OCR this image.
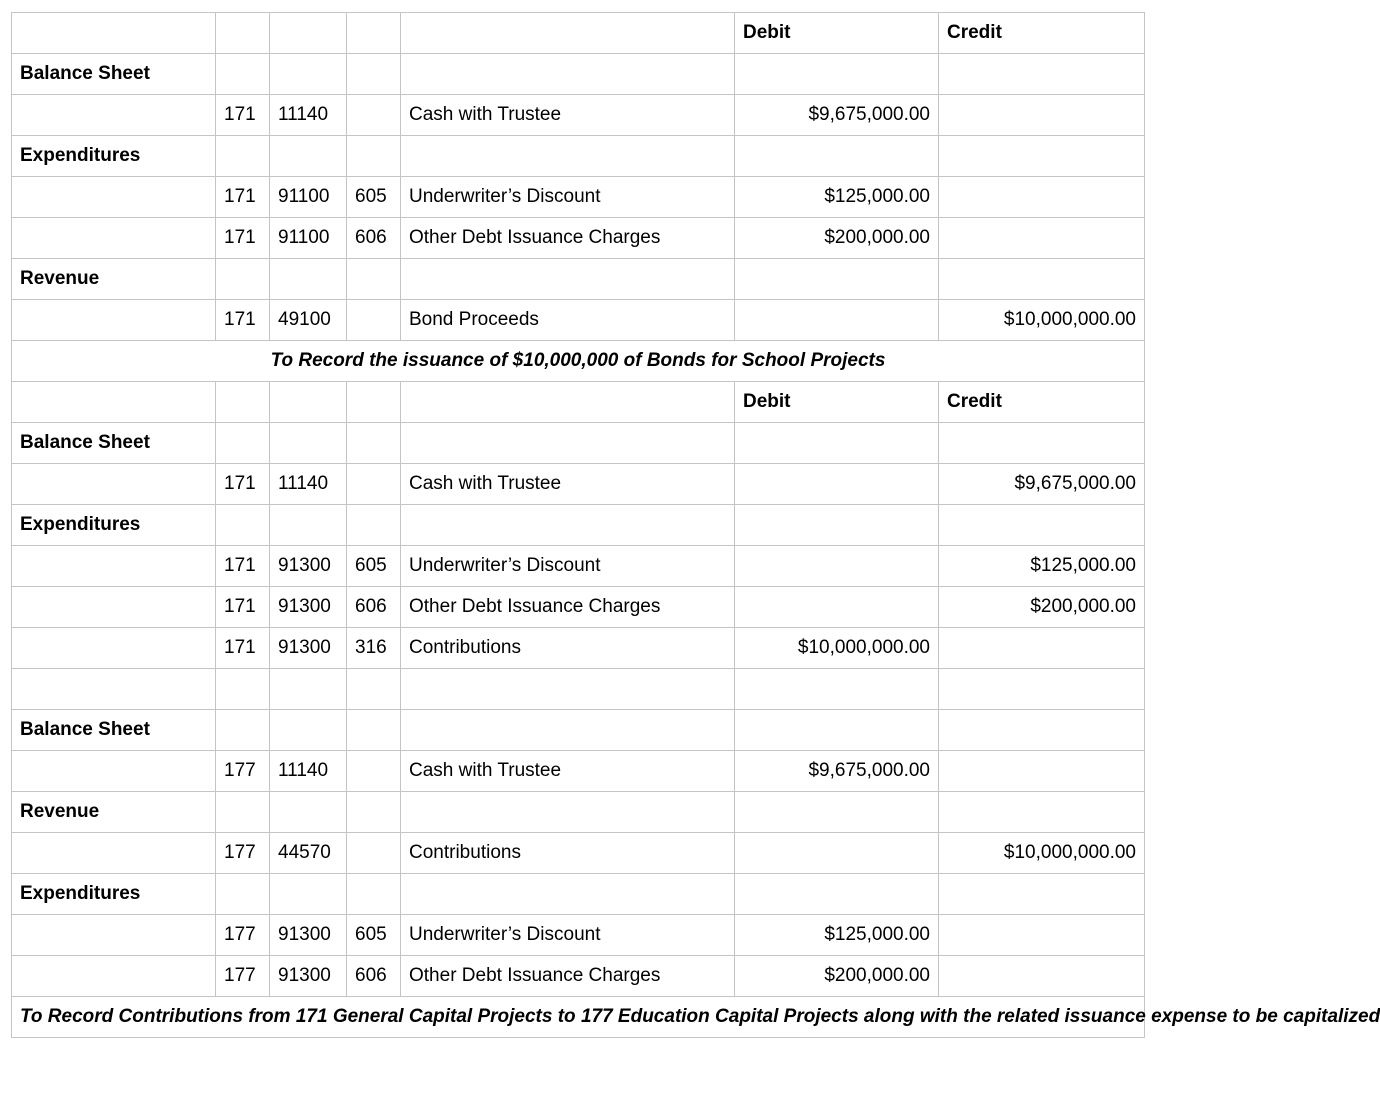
					Debit	Credit
Balance Sheet						
	171	11140		Cash with Trustee	$9,675,000.00	
Expenditures						
	171	91100	605	Underwriter’s Discount	$125,000.00	
	171	91100	606	Other Debt Issuance Charges	$200,000.00	
Revenue						
	171	49100		Bond Proceeds		$10,000,000.00
To Record the issuance of $10,000,000 of Bonds for School Projects						
					Debit	Credit
Balance Sheet						
	171	11140		Cash with Trustee		$9,675,000.00
Expenditures						
	171	91300	605	Underwriter’s Discount		$125,000.00
	171	91300	606	Other Debt Issuance Charges		$200,000.00
	171	91300	316	Contributions	$10,000,000.00	

Balance Sheet						
	177	11140		Cash with Trustee	$9,675,000.00	
Revenue						
	177	44570		Contributions		$10,000,000.00
Expenditures						
	177	91300	605	Underwriter’s Discount	$125,000.00	
	177	91300	606	Other Debt Issuance Charges	$200,000.00	
To Record Contributions from 171 General Capital Projects to 177 Education Capital Projects along with the related issuance expense to be capitalized						
